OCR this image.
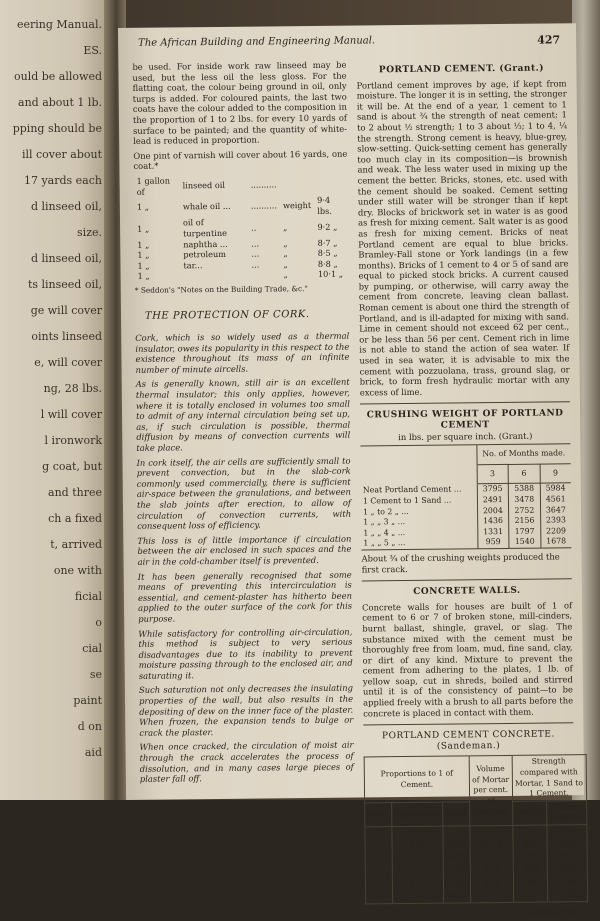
eering Manual.
ES.
ould be allowed
and about 1 lb.
pping should be
ill cover about
17 yards each
d linseed oil,
size.
d linseed oil,
ts linseed oil,
ge will cover
oints linseed
e, will cover
ng, 28 lbs.
l will cover
l ironwork
g coat, but
and three
ch a fixed
t, arrived
one with
ficial
o
cial
se
paint
d on
aid
The African Building and Engineering Manual.	427

be used. For inside work raw linseed may be used, but the less oil the less gloss. For the flatting coat, the colour being ground in oil, only turps is added. For coloured paints, the last two coats have the colour added to the composition in the proportion of 1 to 2 lbs. for every 10 yards of surface to be painted; and the quantity of white-lead is reduced in proportion.

One pint of varnish will cover about 16 yards, one coat.*

1 gallon of	linseed oil	..........		
1 „	whale oil ...	..........	weight	9·4 lbs.
1 „	oil of turpentine	..	„	9·2 „
1 „	naphtha ...	...	„	8·7 „
1 „	petroleum	...	„	8·5 „
1 „	tar...	...	„	8·8 „
1 „			„	10·1 „
* Seddon's "Notes on the Building Trade, &c."
THE PROTECTION OF CORK.

Cork, which is so widely used as a thermal insulator, owes its popularity in this respect to the existence throughout its mass of an infinite number of minute aircells.

As is generally known, still air is an excellent thermal insulator; this only applies, however, where it is totally enclosed in volumes too small to admit of any internal circulation being set up, as, if such circulation is possible, thermal diffusion by means of convection currents will take place.

In cork itself, the air cells are sufficiently small to prevent convection, but in the slab-cork commonly used commercially, there is sufficient air-space between the granulations, and between the slab joints after erection, to allow of circulation of convection currents, with consequent loss of efficiency.

This loss is of little importance if circulation between the air enclosed in such spaces and the air in the cold-chamber itself is prevented.

It has been generally recognised that some means of preventing this intercirculation is essential, and cement-plaster has hitherto been applied to the outer surface of the cork for this purpose.

While satisfactory for controlling air-circulation, this method is subject to very serious disadvantages due to its inability to prevent moisture passing through to the enclosed air, and saturating it.

Such saturation not only decreases the insulating properties of the wall, but also results in the depositing of dew on the inner face of the plaster. When frozen, the expansion tends to bulge or crack the plaster.

When once cracked, the circulation of moist air through the crack accelerates the process of dissolution, and in many cases large pieces of plaster fall off.

PORTLAND CEMENT. (Grant.)

Portland cement improves by age, if kept from moisture. The longer it is in setting, the stronger it will be. At the end of a year, 1 cement to 1 sand is about ¾ the strength of neat cement; 1 to 2 about ½ strength; 1 to 3 about ⅓; 1 to 4, ¼ the strength. Strong cement is heavy, blue-grey, slow-setting. Quick-setting cement has generally too much clay in its composition—is brownish and weak. The less water used in mixing up the cement the better. Bricks, stones, etc. used with the cement should be soaked. Cement setting under still water will be stronger than if kept dry. Blocks of brickwork set in water is as good as fresh for mixing cement. Salt water is as good as fresh for mixing cement. Bricks of neat Portland cement are equal to blue bricks. Bramley-Fall stone or York landings (in a few months). Bricks of 1 cement to 4 or 5 of sand are equal to picked stock bricks. A current caused by pumping, or otherwise, will carry away the cement from concrete, leaving clean ballast. Roman cement is about one third the strength of Portland, and is ill-adapted for mixing with sand. Lime in cement should not exceed 62 per cent., or be less than 56 per cent. Cement rich in lime is not able to stand the action of sea water. If used in sea water, it is advisable to mix the cement with pozzuolana, trass, ground slag, or brick, to form fresh hydraulic mortar with any excess of lime.

CRUSHING WEIGHT OF PORTLAND CEMENT
in lbs. per square inch. (Grant.)
	No. of Months made.		
	3	6	9
Neat Portland Cement ...	3795	5388	5984
1 Cement to 1 Sand ...	2491	3478	4561
1 „ to 2 „ ...	2004	2752	3647
1 „ „ 3 „ ...	1436	2156	2393
1 „ „ 4 „ ...	1331	1797	2209
1 „ „ 5 „ ...	959	1540	1678
About ¾ of the crushing weights produced the first crack.
CONCRETE WALLS.

Concrete walls for houses are built of 1 of cement to 6 or 7 of broken stone, mill-cinders, burnt ballast, shingle, gravel, or slag. The substance mixed with the cement must be thoroughly free from loam, mud, fine sand, clay, or dirt of any kind. Mixture to prevent the cement from adhering to the plates, 1 lb. of yellow soap, cut in shreds, boiled and stirred until it is of the consistency of paint—to be applied freely with a brush to all parts before the concrete is placed in contact with them.

PORTLAND CEMENT CONCRETE. (Sandeman.)
Proportions to 1 of Cement.			Volume of Mortar per cent. of Concrete.	Strength compared with Mortar, 1 Sand to 1 Cement.	
Sand.	Aggregates.	Total.		Tensile.	Com-pressive.
1	3·16	4·16	42·4	1·	1·
2	2·16	4·16	61·73	·655	·655
2	4·74	6·74	42·4	·655	·655
3	3·74	6·74	55·4	·458	·438
3	6·32	9·32	42·4	·458	·438
4	5·32	9·32	52·19	·316	·315
(Molesworth)
